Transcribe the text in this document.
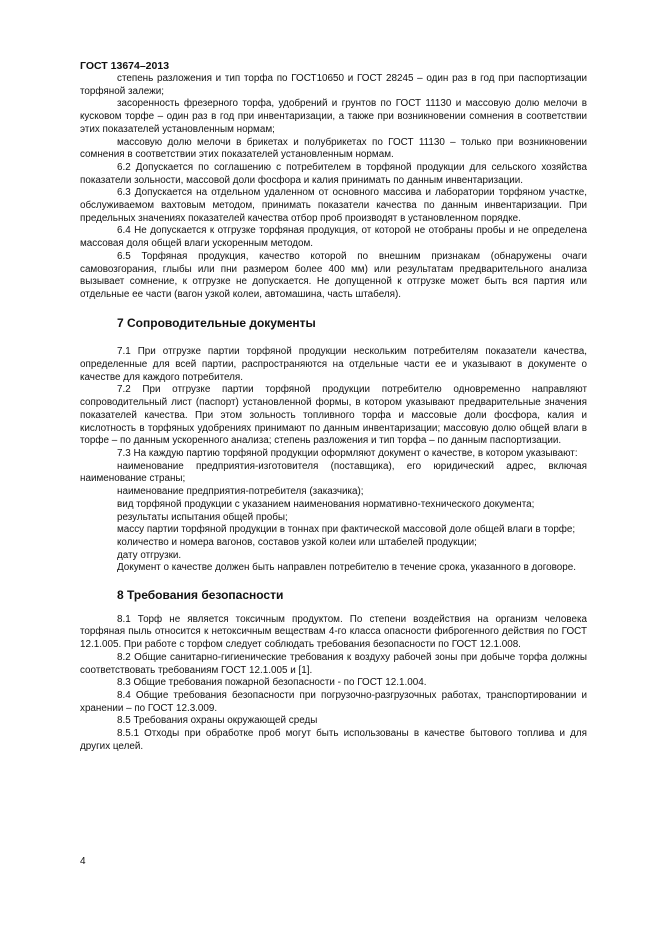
ГОСТ 13674–2013

степень разложения и тип торфа по ГОСТ10650 и ГОСТ 28245 – один раз в год при паспортизации торфяной залежи;

засоренность фрезерного торфа, удобрений и грунтов по ГОСТ 11130 и массовую долю мелочи в кусковом торфе – один раз в год при инвентаризации, а также при возникновении сомнения в соответствии этих показателей установленным нормам;

массовую долю мелочи в брикетах и полубрикетах по ГОСТ 11130 – только при возникновении сомнения в соответствии этих показателей установленным нормам.

6.2 Допускается по соглашению с потребителем в торфяной продукции для сельского хозяйства показатели зольности, массовой доли фосфора и калия принимать по данным инвентаризации.

6.3 Допускается на отдельном удаленном от основного массива и лаборатории торфяном участке, обслуживаемом вахтовым методом, принимать показатели качества по данным инвентаризации. При предельных значениях показателей качества отбор проб производят в установленном порядке.

6.4 Не допускается к отгрузке торфяная продукция, от которой не отобраны пробы и не определена массовая доля общей влаги ускоренным методом.

6.5 Торфяная продукция, качество которой по внешним признакам (обнаружены очаги самовозгорания, глыбы или пни размером более 400 мм) или результатам предварительного анализа вызывает сомнение, к отгрузке не допускается. Не допущенной к отгрузке может быть вся партия или отдельные ее части (вагон узкой колеи, автомашина, часть штабеля).

7 Сопроводительные документы

7.1 При отгрузке партии торфяной продукции нескольким потребителям показатели качества, определенные для всей партии, распространяются на отдельные части ее и указывают в документе о качестве для каждого потребителя.

7.2 При отгрузке партии торфяной продукции потребителю одновременно направляют сопроводительный лист (паспорт) установленной формы, в котором указывают предварительные значения показателей качества. При этом зольность топливного торфа и массовые доли фосфора, калия и кислотность в торфяных удобрениях принимают по данным инвентаризации; массовую долю общей влаги в торфе – по данным ускоренного анализа; степень разложения и тип торфа – по данным паспортизации.

7.3 На каждую партию торфяной продукции оформляют документ о качестве, в котором указывают:

наименование предприятия-изготовителя (поставщика), его юридический адрес, включая наименование страны;

наименование предприятия-потребителя (заказчика);

вид торфяной продукции с указанием наименования нормативно-технического документа;

результаты испытания общей пробы;

массу партии торфяной продукции в тоннах при фактической массовой доле общей влаги в торфе;

количество и номера вагонов, составов узкой колеи или штабелей продукции;

дату отгрузки.

Документ о качестве должен быть направлен потребителю в течение срока, указанного в договоре.

8 Требования безопасности

8.1 Торф не является токсичным продуктом. По степени воздействия на организм человека торфяная пыль относится к нетоксичным веществам 4-го класса опасности фиброгенного действия по ГОСТ 12.1.005. При работе с торфом следует соблюдать требования безопасности по ГОСТ 12.1.008.

8.2 Общие санитарно-гигиенические требования к воздуху рабочей зоны при добыче торфа должны соответствовать требованиям ГОСТ 12.1.005 и [1].

8.3 Общие требования пожарной безопасности - по ГОСТ 12.1.004.

8.4 Общие требования безопасности при погрузочно-разгрузочных работах, транспортировании и хранении – по ГОСТ 12.3.009.

8.5 Требования охраны окружающей среды

8.5.1 Отходы при обработке проб могут быть использованы в качестве бытового топлива и для других целей.

4
